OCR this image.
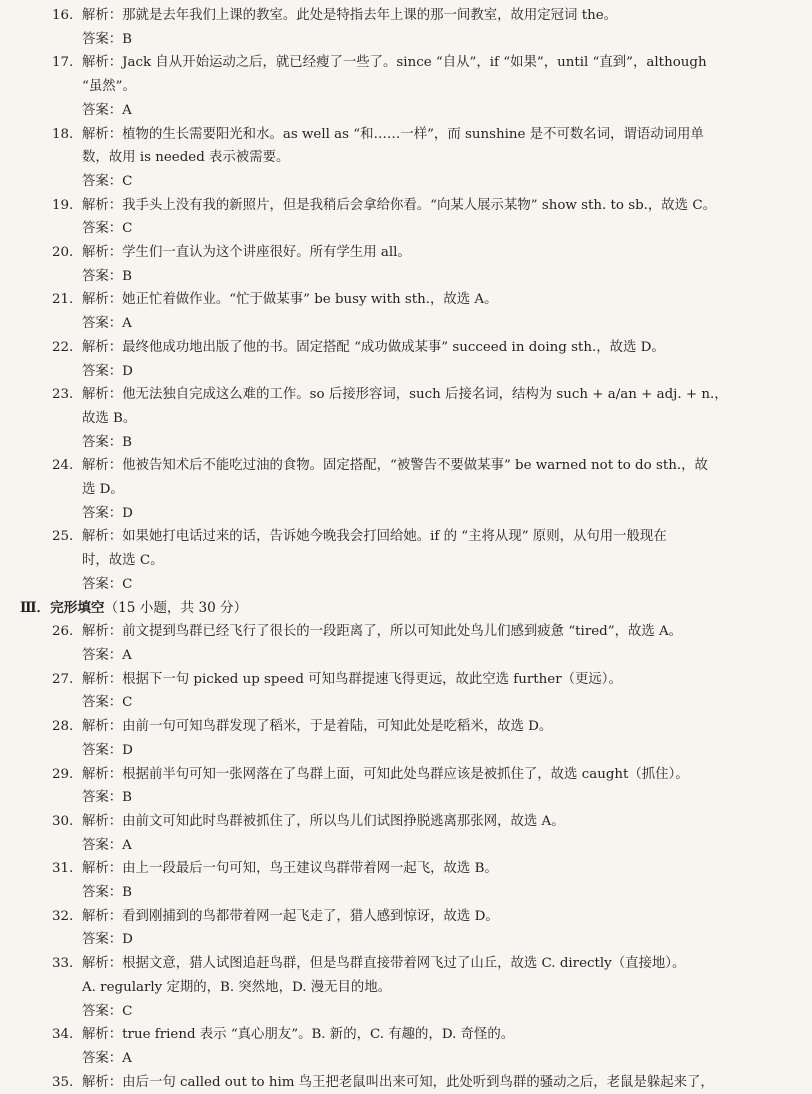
16. 解析：那就是去年我们上课的教室。此处是特指去年上课的那一间教室，故用定冠词 the。
答案：B
17. 解析：Jack 自从开始运动之后，就已经瘦了一些了。since “自从”，if “如果”，until “直到”，although
“虽然”。
答案：A
18. 解析：植物的生长需要阳光和水。as well as “和……一样”，而 sunshine 是不可数名词，谓语动词用单
数，故用 is needed 表示被需要。
答案：C
19. 解析：我手头上没有我的新照片，但是我稍后会拿给你看。“向某人展示某物” show sth. to sb.，故选 C。
答案：C
20. 解析：学生们一直认为这个讲座很好。所有学生用 all。
答案：B
21. 解析：她正忙着做作业。“忙于做某事” be busy with sth.，故选 A。
答案：A
22. 解析：最终他成功地出版了他的书。固定搭配 “成功做成某事” succeed in doing sth.，故选 D。
答案：D
23. 解析：他无法独自完成这么难的工作。so 后接形容词，such 后接名词，结构为 such + a/an + adj. + n.，
故选 B。
答案：B
24. 解析：他被告知术后不能吃过油的食物。固定搭配，“被警告不要做某事” be warned not to do sth.，故
选 D。
答案：D
25. 解析：如果她打电话过来的话，告诉她今晚我会打回给她。if 的 “主将从现” 原则，从句用一般现在
时，故选 C。
答案：C
Ⅲ．完形填空（15 小题，共 30 分）
26. 解析：前文提到鸟群已经飞行了很长的一段距离了，所以可知此处鸟儿们感到疲惫 “tired”，故选 A。
答案：A
27. 解析：根据下一句 picked up speed 可知鸟群提速飞得更远，故此空选 further（更远）。
答案：C
28. 解析：由前一句可知鸟群发现了稻米，于是着陆，可知此处是吃稻米，故选 D。
答案：D
29. 解析：根据前半句可知一张网落在了鸟群上面，可知此处鸟群应该是被抓住了，故选 caught（抓住）。
答案：B
30. 解析：由前文可知此时鸟群被抓住了，所以鸟儿们试图挣脱逃离那张网，故选 A。
答案：A
31. 解析：由上一段最后一句可知，鸟王建议鸟群带着网一起飞，故选 B。
答案：B
32. 解析：看到刚捕到的鸟都带着网一起飞走了，猎人感到惊讶，故选 D。
答案：D
33. 解析：根据文意，猎人试图追赶鸟群，但是鸟群直接带着网飞过了山丘，故选 C. directly（直接地）。
A. regularly 定期的，B. 突然地，D. 漫无目的地。
答案：C
34. 解析：true friend 表示 “真心朋友”。B. 新的，C. 有趣的，D. 奇怪的。
答案：A
35. 解析：由后一句 called out to him 鸟王把老鼠叫出来可知，此处听到鸟群的骚动之后，老鼠是躲起来了，
